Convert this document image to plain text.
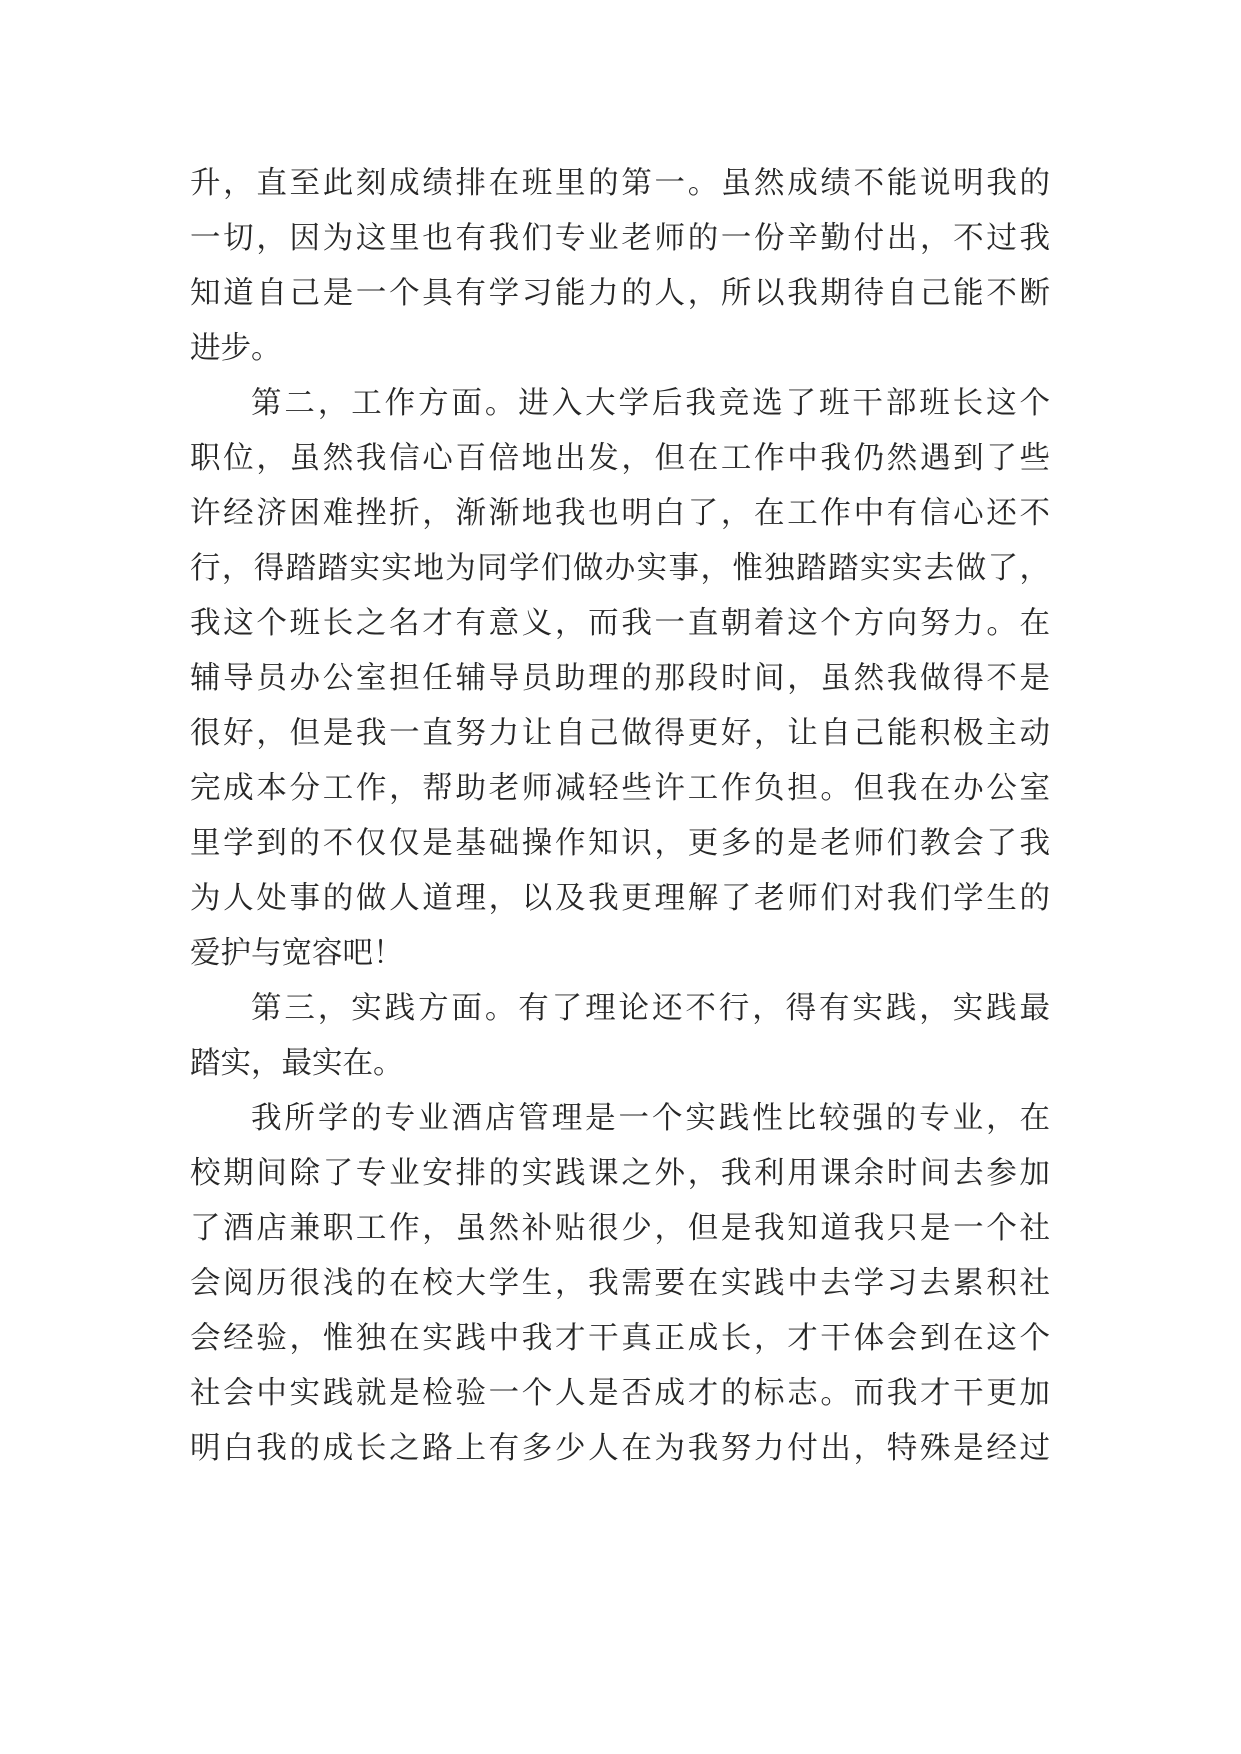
升，直至此刻成绩排在班里的第一。虽然成绩不能说明我的
一切，因为这里也有我们专业老师的一份辛勤付出，不过我
知道自己是一个具有学习能力的人，所以我期待自己能不断
进步。
第二，工作方面。进入大学后我竞选了班干部班长这个
职位，虽然我信心百倍地出发，但在工作中我仍然遇到了些
许经济困难挫折，渐渐地我也明白了，在工作中有信心还不
行，得踏踏实实地为同学们做办实事，惟独踏踏实实去做了，
我这个班长之名才有意义，而我一直朝着这个方向努力。在
辅导员办公室担任辅导员助理的那段时间，虽然我做得不是
很好，但是我一直努力让自己做得更好，让自己能积极主动
完成本分工作，帮助老师减轻些许工作负担。但我在办公室
里学到的不仅仅是基础操作知识，更多的是老师们教会了我
为人处事的做人道理，以及我更理解了老师们对我们学生的
爱护与宽容吧！
第三，实践方面。有了理论还不行，得有实践，实践最
踏实，最实在。
我所学的专业酒店管理是一个实践性比较强的专业，在
校期间除了专业安排的实践课之外，我利用课余时间去参加
了酒店兼职工作，虽然补贴很少，但是我知道我只是一个社
会阅历很浅的在校大学生，我需要在实践中去学习去累积社
会经验，惟独在实践中我才干真正成长，才干体会到在这个
社会中实践就是检验一个人是否成才的标志。而我才干更加
明白我的成长之路上有多少人在为我努力付出，特殊是经过
